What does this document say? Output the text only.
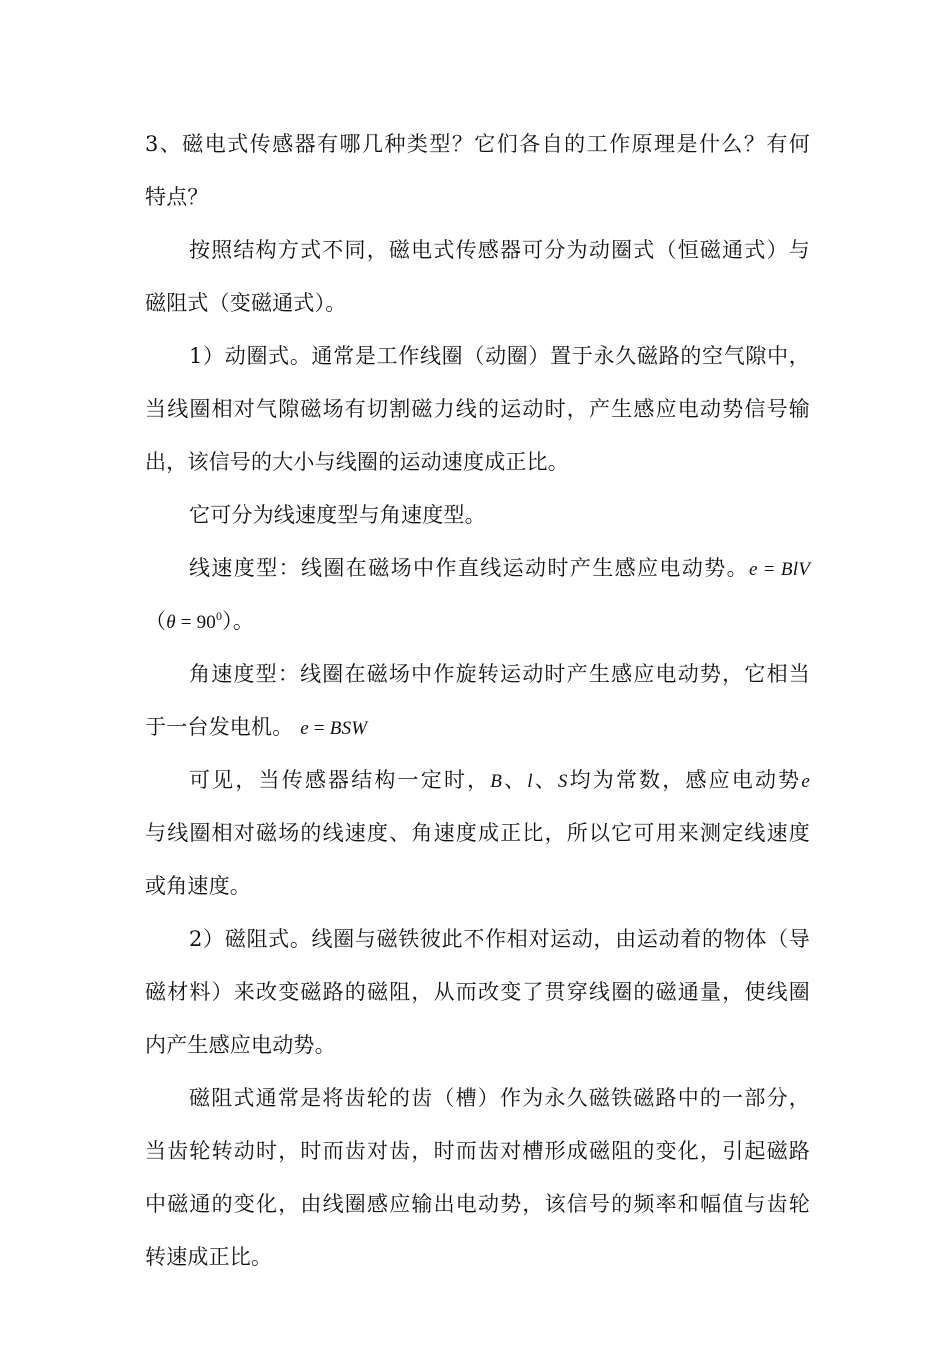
3、磁电式传感器有哪几种类型？它们各自的工作原理是什么？有何
特点？
按照结构方式不同，磁电式传感器可分为动圈式（恒磁通式）与
磁阻式（变磁通式）。
1）动圈式。通常是工作线圈（动圈）置于永久磁路的空气隙中，
当线圈相对气隙磁场有切割磁力线的运动时，产生感应电动势信号输
出，该信号的大小与线圈的运动速度成正比。
它可分为线速度型与角速度型。
线速度型：线圈在磁场中作直线运动时产生感应电动势。e = BlV
$(\theta = 90^0)$。
角速度型：线圈在磁场中作旋转运动时产生感应电动势，它相当
于一台发电机。 e = BSW
可见，当传感器结构一定时，B、l、S均为常数，感应电动势e
与线圈相对磁场的线速度、角速度成正比，所以它可用来测定线速度
或角速度。
2）磁阻式。线圈与磁铁彼此不作相对运动，由运动着的物体（导
磁材料）来改变磁路的磁阻，从而改变了贯穿线圈的磁通量，使线圈
内产生感应电动势。
磁阻式通常是将齿轮的齿（槽）作为永久磁铁磁路中的一部分，
当齿轮转动时，时而齿对齿，时而齿对槽形成磁阻的变化，引起磁路
中磁通的变化，由线圈感应输出电动势，该信号的频率和幅值与齿轮
转速成正比。
